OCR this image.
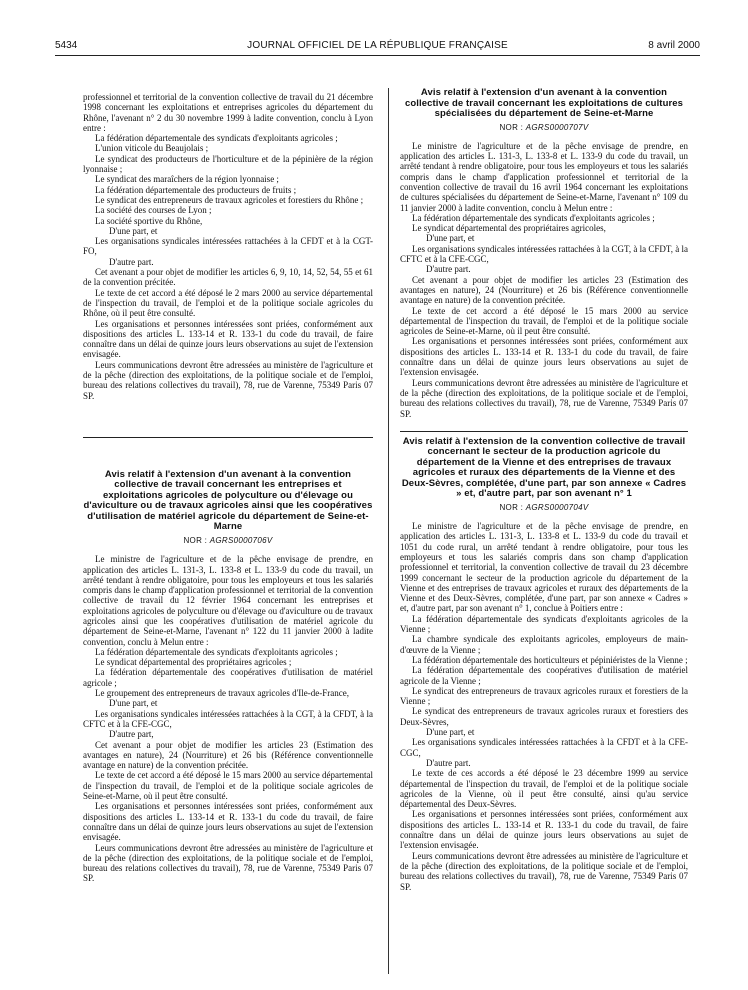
5434	JOURNAL OFFICIEL DE LA RÉPUBLIQUE FRANÇAISE	8 avril 2000

professionnel et territorial de la convention collective de travail du 21 décembre 1998 concernant les exploitations et entreprises agricoles du département du Rhône, l'avenant n° 2 du 30 novembre 1999 à ladite convention, conclu à Lyon entre :

La fédération départementale des syndicats d'exploitants agricoles ;

L'union viticole du Beaujolais ;

Le syndicat des producteurs de l'horticulture et de la pépinière de la région lyonnaise ;

Le syndicat des maraîchers de la région lyonnaise ;

La fédération départementale des producteurs de fruits ;

Le syndicat des entrepreneurs de travaux agricoles et forestiers du Rhône ;

La société des courses de Lyon ;

La société sportive du Rhône,

D'une part, et

Les organisations syndicales intéressées rattachées à la CFDT et à la CGT-FO,

D'autre part.

Cet avenant a pour objet de modifier les articles 6, 9, 10, 14, 52, 54, 55 et 61 de la convention précitée.

Le texte de cet accord a été déposé le 2 mars 2000 au service départemental de l'inspection du travail, de l'emploi et de la politique sociale agricoles du Rhône, où il peut être consulté.

Les organisations et personnes intéressées sont priées, conformément aux dispositions des articles L. 133-14 et R. 133-1 du code du travail, de faire connaître dans un délai de quinze jours leurs observations au sujet de l'extension envisagée.

Leurs communications devront être adressées au ministère de l'agriculture et de la pêche (direction des exploitations, de la politique sociale et de l'emploi, bureau des relations collectives du travail), 78, rue de Varenne, 75349 Paris 07 SP.

Avis relatif à l'extension d'un avenant à la convention collective de travail concernant les entreprises et exploitations agricoles de polyculture ou d'élevage ou d'aviculture ou de travaux agricoles ainsi que les coopératives d'utilisation de matériel agricole du département de Seine-et-Marne
NOR : AGRS0000706V

Le ministre de l'agriculture et de la pêche envisage de prendre, en application des articles L. 131-3, L. 133-8 et L. 133-9 du code du travail, un arrêté tendant à rendre obligatoire, pour tous les employeurs et tous les salariés compris dans le champ d'application professionnel et territorial de la convention collective de travail du 12 février 1964 concernant les entreprises et exploitations agricoles de polyculture ou d'élevage ou d'aviculture ou de travaux agricoles ainsi que les coopératives d'utilisation de matériel agricole du département de Seine-et-Marne, l'avenant n° 122 du 11 janvier 2000 à ladite convention, conclu à Melun entre :

La fédération départementale des syndicats d'exploitants agricoles ;

Le syndicat départemental des propriétaires agricoles ;

La fédération départementale des coopératives d'utilisation de matériel agricole ;

Le groupement des entrepreneurs de travaux agricoles d'Ile-de-France,

D'une part, et

Les organisations syndicales intéressées rattachées à la CGT, à la CFDT, à la CFTC et à la CFE-CGC,

D'autre part,

Cet avenant a pour objet de modifier les articles 23 (Estimation des avantages en nature), 24 (Nourriture) et 26 bis (Référence conventionnelle avantage en nature) de la convention précitée.

Le texte de cet accord a été déposé le 15 mars 2000 au service départemental de l'inspection du travail, de l'emploi et de la politique sociale agricoles de Seine-et-Marne, où il peut être consulté.

Les organisations et personnes intéressées sont priées, conformément aux dispositions des articles L. 133-14 et R. 133-1 du code du travail, de faire connaître dans un délai de quinze jours leurs observations au sujet de l'extension envisagée.

Leurs communications devront être adressées au ministère de l'agriculture et de la pêche (direction des exploitations, de la politique sociale et de l'emploi, bureau des relations collectives du travail), 78, rue de Varenne, 75349 Paris 07 SP.

Avis relatif à l'extension d'un avenant à la convention collective de travail concernant les exploitations de cultures spécialisées du département de Seine-et-Marne
NOR : AGRS0000707V

Le ministre de l'agriculture et de la pêche envisage de prendre, en application des articles L. 131-3, L. 133-8 et L. 133-9 du code du travail, un arrêté tendant à rendre obligatoire, pour tous les employeurs et tous les salariés compris dans le champ d'application professionnel et territorial de la convention collective de travail du 16 avril 1964 concernant les exploitations de cultures spécialisées du département de Seine-et-Marne, l'avenant n° 109 du 11 janvier 2000 à ladite convention, conclu à Melun entre :

La fédération départementale des syndicats d'exploitants agricoles ;

Le syndicat départemental des propriétaires agricoles,

D'une part, et

Les organisations syndicales intéressées rattachées à la CGT, à la CFDT, à la CFTC et à la CFE-CGC,

D'autre part.

Cet avenant a pour objet de modifier les articles 23 (Estimation des avantages en nature), 24 (Nourriture) et 26 bis (Référence conventionnelle avantage en nature) de la convention précitée.

Le texte de cet accord a été déposé le 15 mars 2000 au service départemental de l'inspection du travail, de l'emploi et de la politique sociale agricoles de Seine-et-Marne, où il peut être consulté.

Les organisations et personnes intéressées sont priées, conformément aux dispositions des articles L. 133-14 et R. 133-1 du code du travail, de faire connaître dans un délai de quinze jours leurs observations au sujet de l'extension envisagée.

Leurs communications devront être adressées au ministère de l'agriculture et de la pêche (direction des exploitations, de la politique sociale et de l'emploi, bureau des relations collectives du travail), 78, rue de Varenne, 75349 Paris 07 SP.

Avis relatif à l'extension de la convention collective de travail concernant le secteur de la production agricole du département de la Vienne et des entreprises de travaux agricoles et ruraux des départements de la Vienne et des Deux-Sèvres, complétée, d'une part, par son annexe « Cadres » et, d'autre part, par son avenant n° 1
NOR : AGRS0000704V

Le ministre de l'agriculture et de la pêche envisage de prendre, en application des articles L. 131-3, L. 133-8 et L. 133-9 du code du travail et 1051 du code rural, un arrêté tendant à rendre obligatoire, pour tous les employeurs et tous les salariés compris dans son champ d'application professionnel et territorial, la convention collective de travail du 23 décembre 1999 concernant le secteur de la production agricole du département de la Vienne et des entreprises de travaux agricoles et ruraux des départements de la Vienne et des Deux-Sèvres, complétée, d'une part, par son annexe « Cadres » et, d'autre part, par son avenant n° 1, conclue à Poitiers entre :

La fédération départementale des syndicats d'exploitants agricoles de la Vienne ;

La chambre syndicale des exploitants agricoles, employeurs de main-d'œuvre de la Vienne ;

La fédération départementale des horticulteurs et pépiniéristes de la Vienne ;

La fédération départementale des coopératives d'utilisation de matériel agricole de la Vienne ;

Le syndicat des entrepreneurs de travaux agricoles ruraux et forestiers de la Vienne ;

Le syndicat des entrepreneurs de travaux agricoles ruraux et forestiers des Deux-Sèvres,

D'une part, et

Les organisations syndicales intéressées rattachées à la CFDT et à la CFE-CGC,

D'autre part.

Le texte de ces accords a été déposé le 23 décembre 1999 au service départemental de l'inspection du travail, de l'emploi et de la politique sociale agricoles de la Vienne, où il peut être consulté, ainsi qu'au service départemental des Deux-Sèvres.

Les organisations et personnes intéressées sont priées, conformément aux dispositions des articles L. 133-14 et R. 133-1 du code du travail, de faire connaître dans un délai de quinze jours leurs observations au sujet de l'extension envisagée.

Leurs communications devront être adressées au ministère de l'agriculture et de la pêche (direction des exploitations, de la politique sociale et de l'emploi, bureau des relations collectives du travail), 78, rue de Varenne, 75349 Paris 07 SP.
